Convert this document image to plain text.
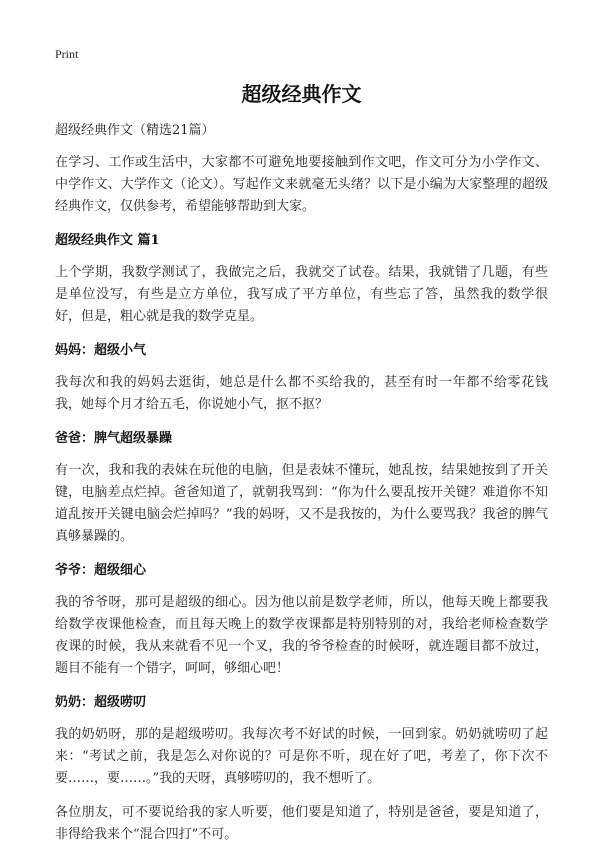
Print
超级经典作文
超级经典作文（精选21篇）
在学习、工作或生活中，大家都不可避免地要接触到作文吧，作文可分为小学作文、中学作文、大学作文（论文）。写起作文来就毫无头绪？以下是小编为大家整理的超级经典作文，仅供参考，希望能够帮助到大家。
超级经典作文 篇1
上个学期，我数学测试了，我做完之后，我就交了试卷。结果，我就错了几题，有些是单位没写，有些是立方单位，我写成了平方单位，有些忘了答，虽然我的数学很好，但是，粗心就是我的数学克星。
妈妈：超级小气
我每次和我的妈妈去逛街，她总是什么都不买给我的，甚至有时一年都不给零花钱我，她每个月才给五毛，你说她小气，抠不抠？
爸爸：脾气超级暴躁
有一次，我和我的表妹在玩他的电脑，但是表妹不懂玩，她乱按，结果她按到了开关键，电脑差点烂掉。爸爸知道了，就朝我骂到：“你为什么要乱按开关键？难道你不知道乱按开关键电脑会烂掉吗？”我的妈呀，又不是我按的，为什么要骂我？我爸的脾气真够暴躁的。
爷爷：超级细心
我的爷爷呀，那可是超级的细心。因为他以前是数学老师，所以，他每天晚上都要我给数学夜课他检查，而且每天晚上的数学夜课都是特别特别的对，我给老师检查数学夜课的时候，我从来就看不见一个叉，我的爷爷检查的时候呀，就连题目都不放过，题目不能有一个错字，呵呵，够细心吧！
奶奶：超级唠叨
我的奶奶呀，那的是超级唠叨。我每次考不好试的时候，一回到家。奶奶就唠叨了起来：“考试之前，我是怎么对你说的？可是你不听，现在好了吧，考差了，你下次不要……，要……。”我的天呀，真够唠叨的，我不想听了。
各位朋友，可不要说给我的家人听要，他们要是知道了，特别是爸爸，要是知道了，非得给我来个“混合四打”不可。
